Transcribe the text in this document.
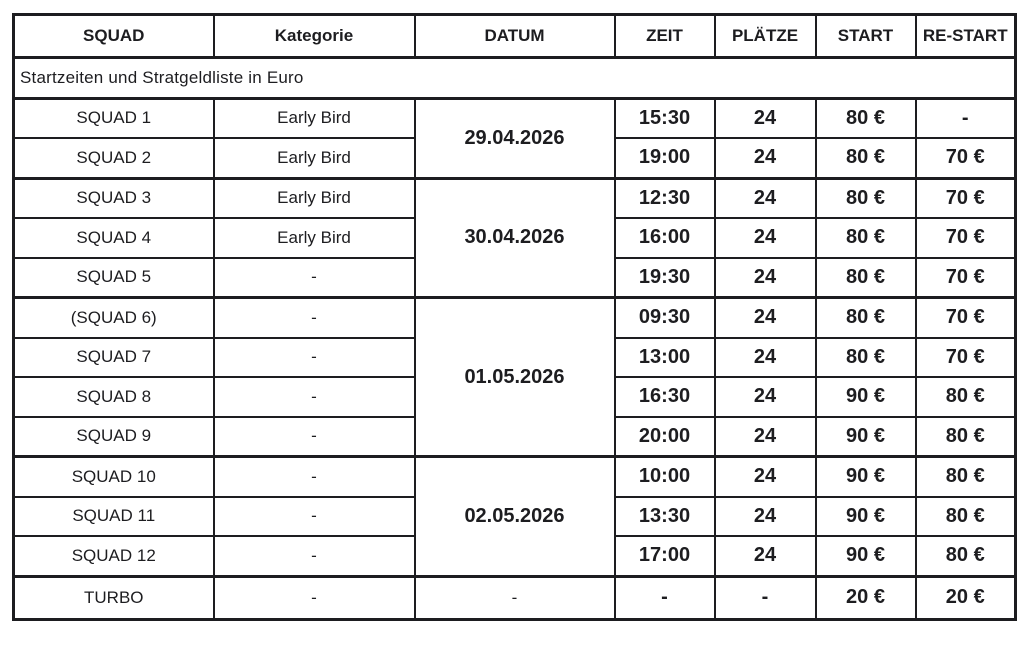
Startzeiten und Stratgeldliste in Euro						
SQUAD	Kategorie	DATUM	ZEIT	PLÄTZE	START	RE-START
SQUAD 1	Early Bird	29.04.2026	15:30	24	80 €	-
SQUAD 2	Early Bird		19:00	24	80 €	70 €
SQUAD 3	Early Bird	30.04.2026	12:30	24	80 €	70 €
SQUAD 4	Early Bird		16:00	24	80 €	70 €
SQUAD 5	-		19:30	24	80 €	70 €
(SQUAD 6)	-	01.05.2026	09:30	24	80 €	70 €
SQUAD 7	-		13:00	24	80 €	70 €
SQUAD 8	-		16:30	24	90 €	80 €
SQUAD 9	-		20:00	24	90 €	80 €
SQUAD 10	-	02.05.2026	10:00	24	90 €	80 €
SQUAD 11	-		13:30	24	90 €	80 €
SQUAD 12	-		17:00	24	90 €	80 €
TURBO	-	-	-	-	20 €	20 €
